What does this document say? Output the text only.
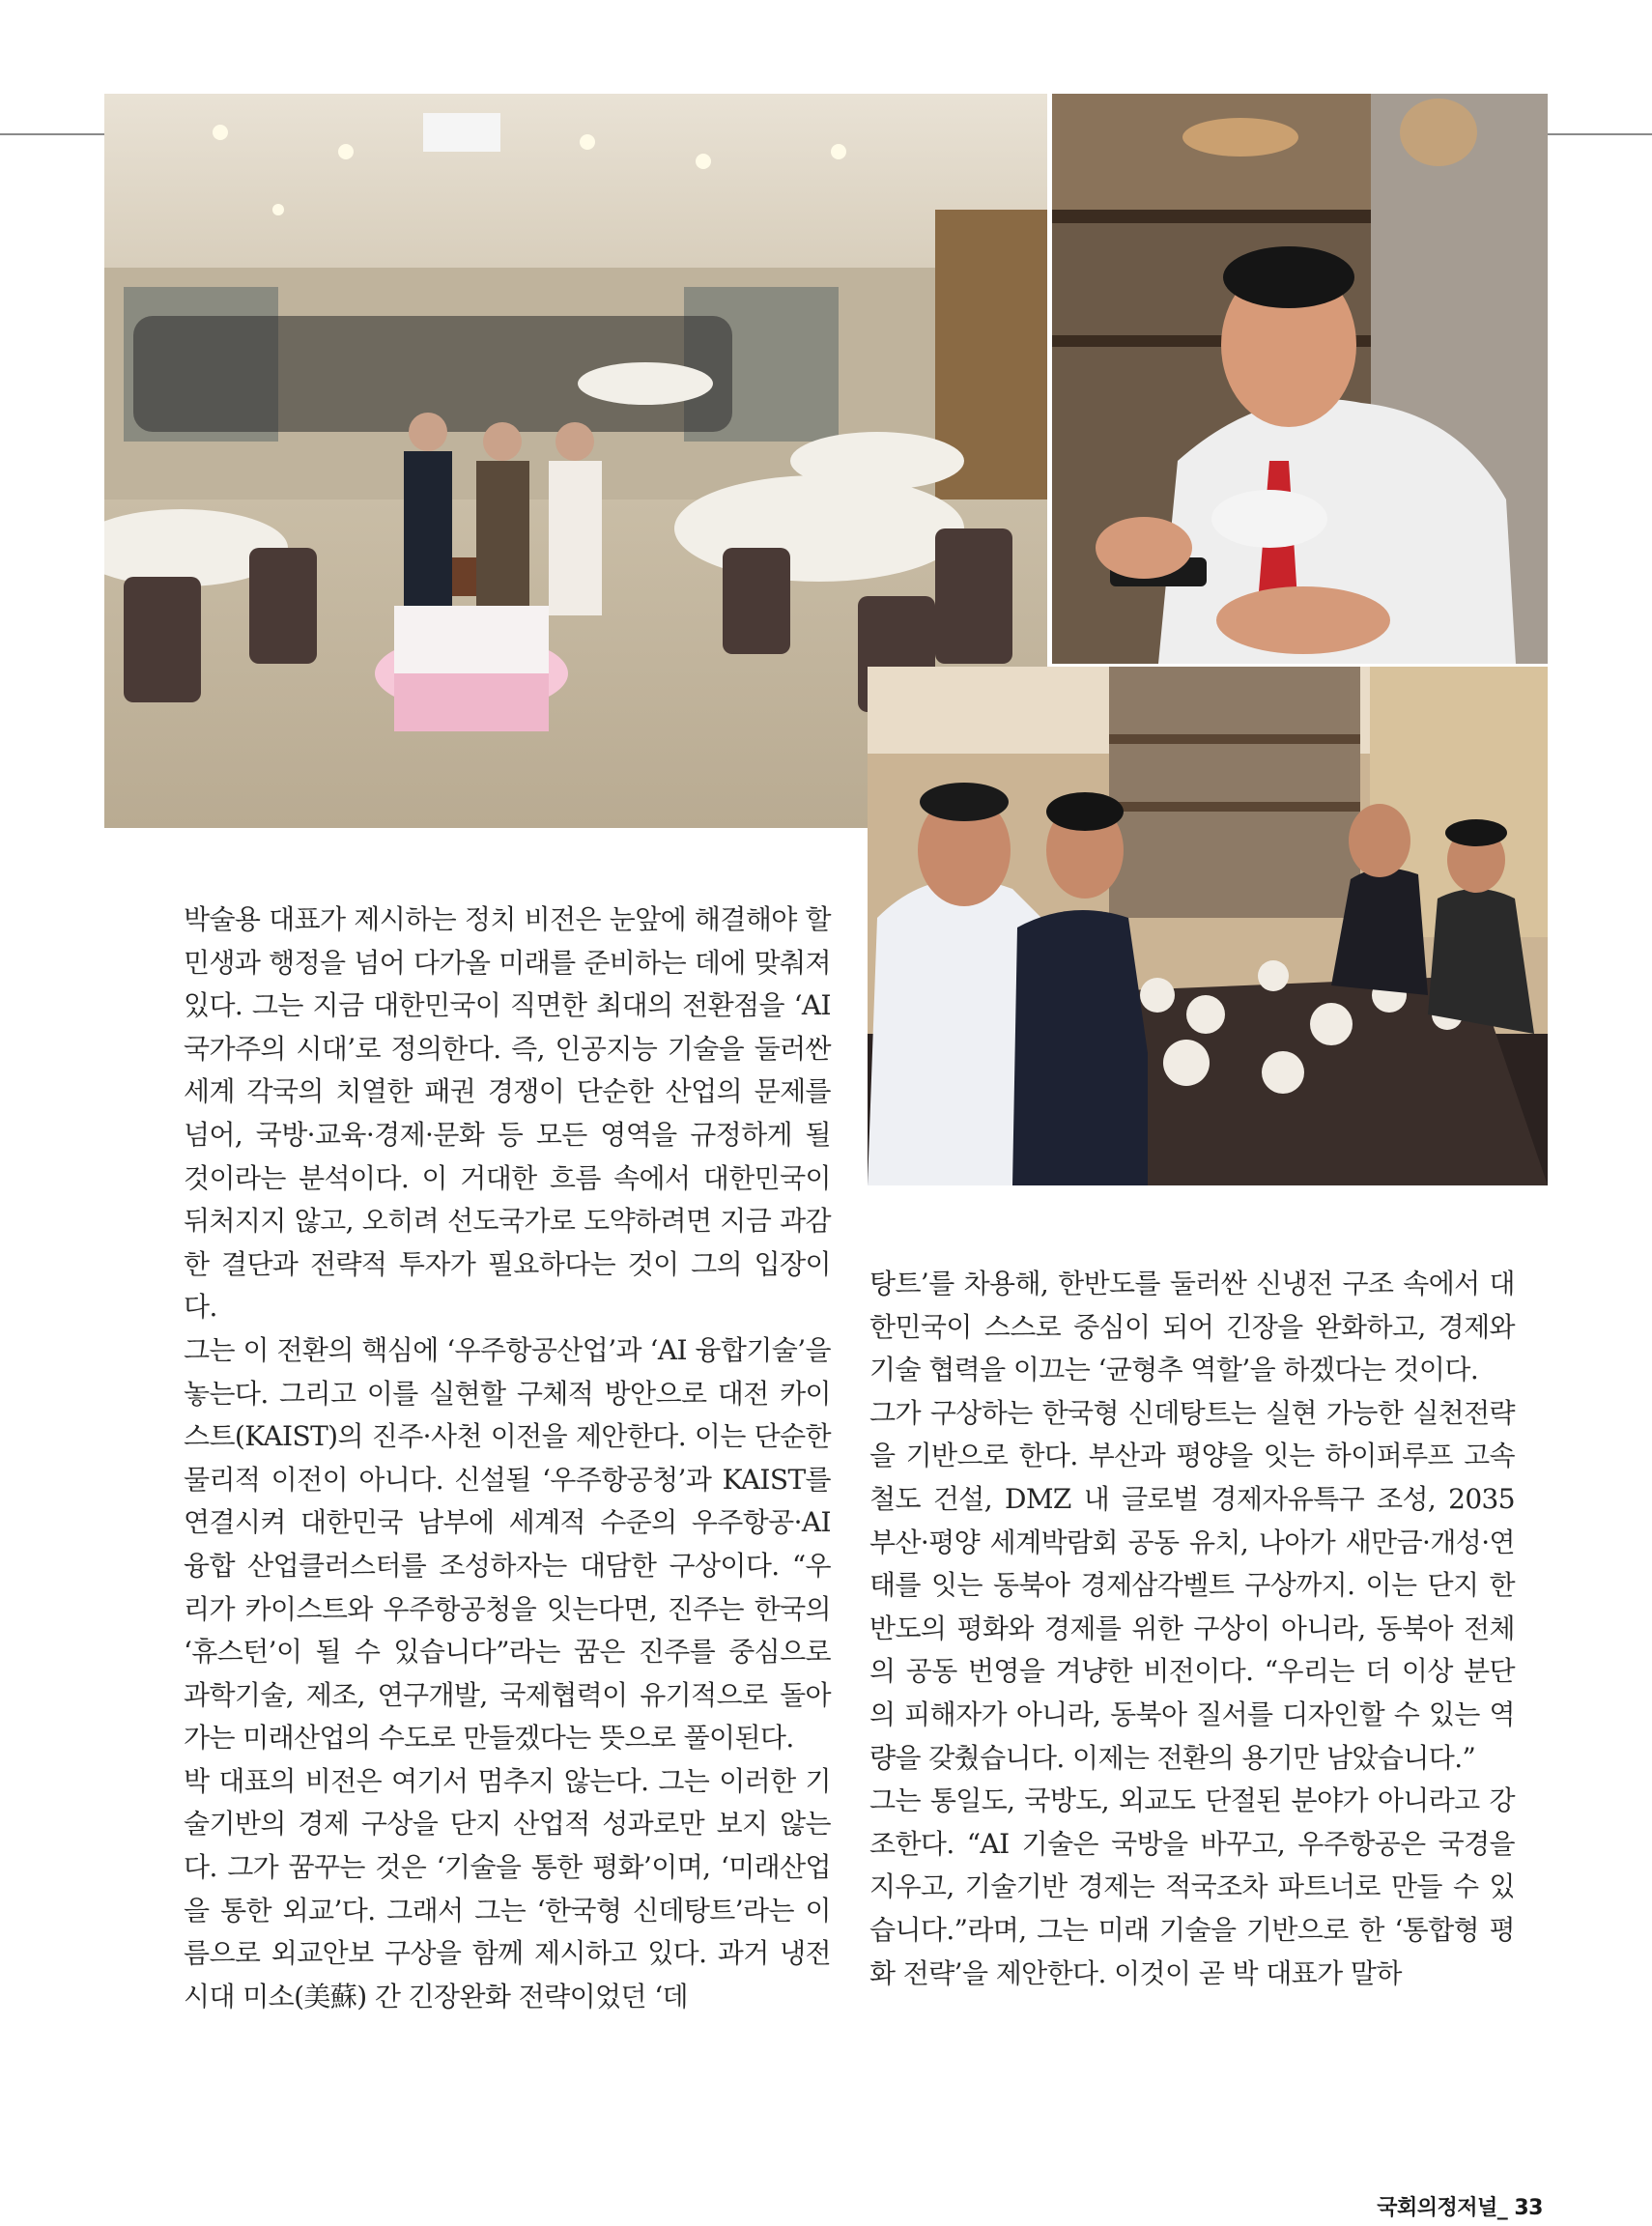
박술용 대표가 제시하는 정치 비전은 눈앞에 해결해야 할 민생과 행정을 넘어 다가올 미래를 준비하는 데에 맞춰져 있다. 그는 지금 대한민국이 직면한 최대의 전환점을 ‘AI 국가주의 시대’로 정의한다. 즉, 인공지능 기술을 둘러싼 세계 각국의 치열한 패권 경쟁이 단순한 산업의 문제를 넘어, 국방·교육·경제·문화 등 모든 영역을 규정하게 될 것이라는 분석이다. 이 거대한 흐름 속에서 대한민국이 뒤처지지 않고, 오히려 선도국가로 도약하려면 지금 과감한 결단과 전략적 투자가 필요하다는 것이 그의 입장이다.

그는 이 전환의 핵심에 ‘우주항공산업’과 ‘AI 융합기술’을 놓는다. 그리고 이를 실현할 구체적 방안으로 대전 카이스트(KAIST)의 진주·사천 이전을 제안한다. 이는 단순한 물리적 이전이 아니다. 신설될 ‘우주항공청’과 KAIST를 연결시켜 대한민국 남부에 세계적 수준의 우주항공·AI 융합 산업클러스터를 조성하자는 대담한 구상이다. “우리가 카이스트와 우주항공청을 잇는다면, 진주는 한국의 ‘휴스턴’이 될 수 있습니다”라는 꿈은 진주를 중심으로 과학기술, 제조, 연구개발, 국제협력이 유기적으로 돌아가는 미래산업의 수도로 만들겠다는 뜻으로 풀이된다.

박 대표의 비전은 여기서 멈추지 않는다. 그는 이러한 기술기반의 경제 구상을 단지 산업적 성과로만 보지 않는다. 그가 꿈꾸는 것은 ‘기술을 통한 평화’이며, ‘미래산업을 통한 외교’다. 그래서 그는 ‘한국형 신데탕트’라는 이름으로 외교안보 구상을 함께 제시하고 있다. 과거 냉전시대 미소(美蘇) 간 긴장완화 전략이었던 ‘데

탕트’를 차용해, 한반도를 둘러싼 신냉전 구조 속에서 대한민국이 스스로 중심이 되어 긴장을 완화하고, 경제와 기술 협력을 이끄는 ‘균형추 역할’을 하겠다는 것이다.

그가 구상하는 한국형 신데탕트는 실현 가능한 실천전략을 기반으로 한다. 부산과 평양을 잇는 하이퍼루프 고속철도 건설, DMZ 내 글로벌 경제자유특구 조성, 2035 부산·평양 세계박람회 공동 유치, 나아가 새만금·개성·연태를 잇는 동북아 경제삼각벨트 구상까지. 이는 단지 한반도의 평화와 경제를 위한 구상이 아니라, 동북아 전체의 공동 번영을 겨냥한 비전이다. “우리는 더 이상 분단의 피해자가 아니라, 동북아 질서를 디자인할 수 있는 역량을 갖췄습니다. 이제는 전환의 용기만 남았습니다.”

그는 통일도, 국방도, 외교도 단절된 분야가 아니라고 강조한다. “AI 기술은 국방을 바꾸고, 우주항공은 국경을 지우고, 기술기반 경제는 적국조차 파트너로 만들 수 있습니다.”라며, 그는 미래 기술을 기반으로 한 ‘통합형 평화 전략’을 제안한다. 이것이 곧 박 대표가 말하

국회의정저널_ 33
